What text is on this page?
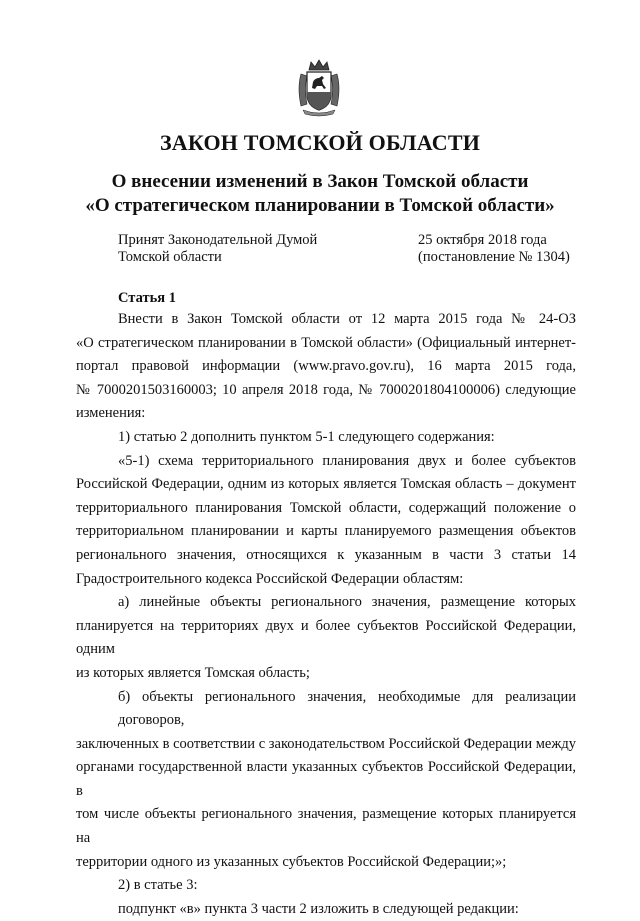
ЗАКОН ТОМСКОЙ ОБЛАСТИ
О внесении изменений в Закон Томской области
«О стратегическом планировании в Томской области»
Принят Законодательной Думой
Томской области
25 октября 2018 года
(постановление № 1304)
Статья 1
Внести в Закон Томской области от 12 марта 2015 года № 24-ОЗ
«О стратегическом планировании в Томской области» (Официальный интернет-
портал правовой информации (www.pravo.gov.ru), 16 марта 2015 года,
№ 7000201503160003; 10 апреля 2018 года, № 7000201804100006) следующие
изменения:
1) статью 2 дополнить пунктом 5-1 следующего содержания:
«5-1) схема территориального планирования двух и более субъектов
Российской Федерации, одним из которых является Томская область – документ
территориального планирования Томской области, содержащий положение о
территориальном планировании и карты планируемого размещения объектов
регионального значения, относящихся к указанным в части 3 статьи 14
Градостроительного кодекса Российской Федерации областям:
а) линейные объекты регионального значения, размещение которых
планируется на территориях двух и более субъектов Российской Федерации, одним
из которых является Томская область;
б) объекты регионального значения, необходимые для реализации договоров,
заключенных в соответствии с законодательством Российской Федерации между
органами государственной власти указанных субъектов Российской Федерации, в
том числе объекты регионального значения, размещение которых планируется на
территории одного из указанных субъектов Российской Федерации;»;
2) в статье 3:
подпункт «в» пункта 3 части 2 изложить в следующей редакции:
